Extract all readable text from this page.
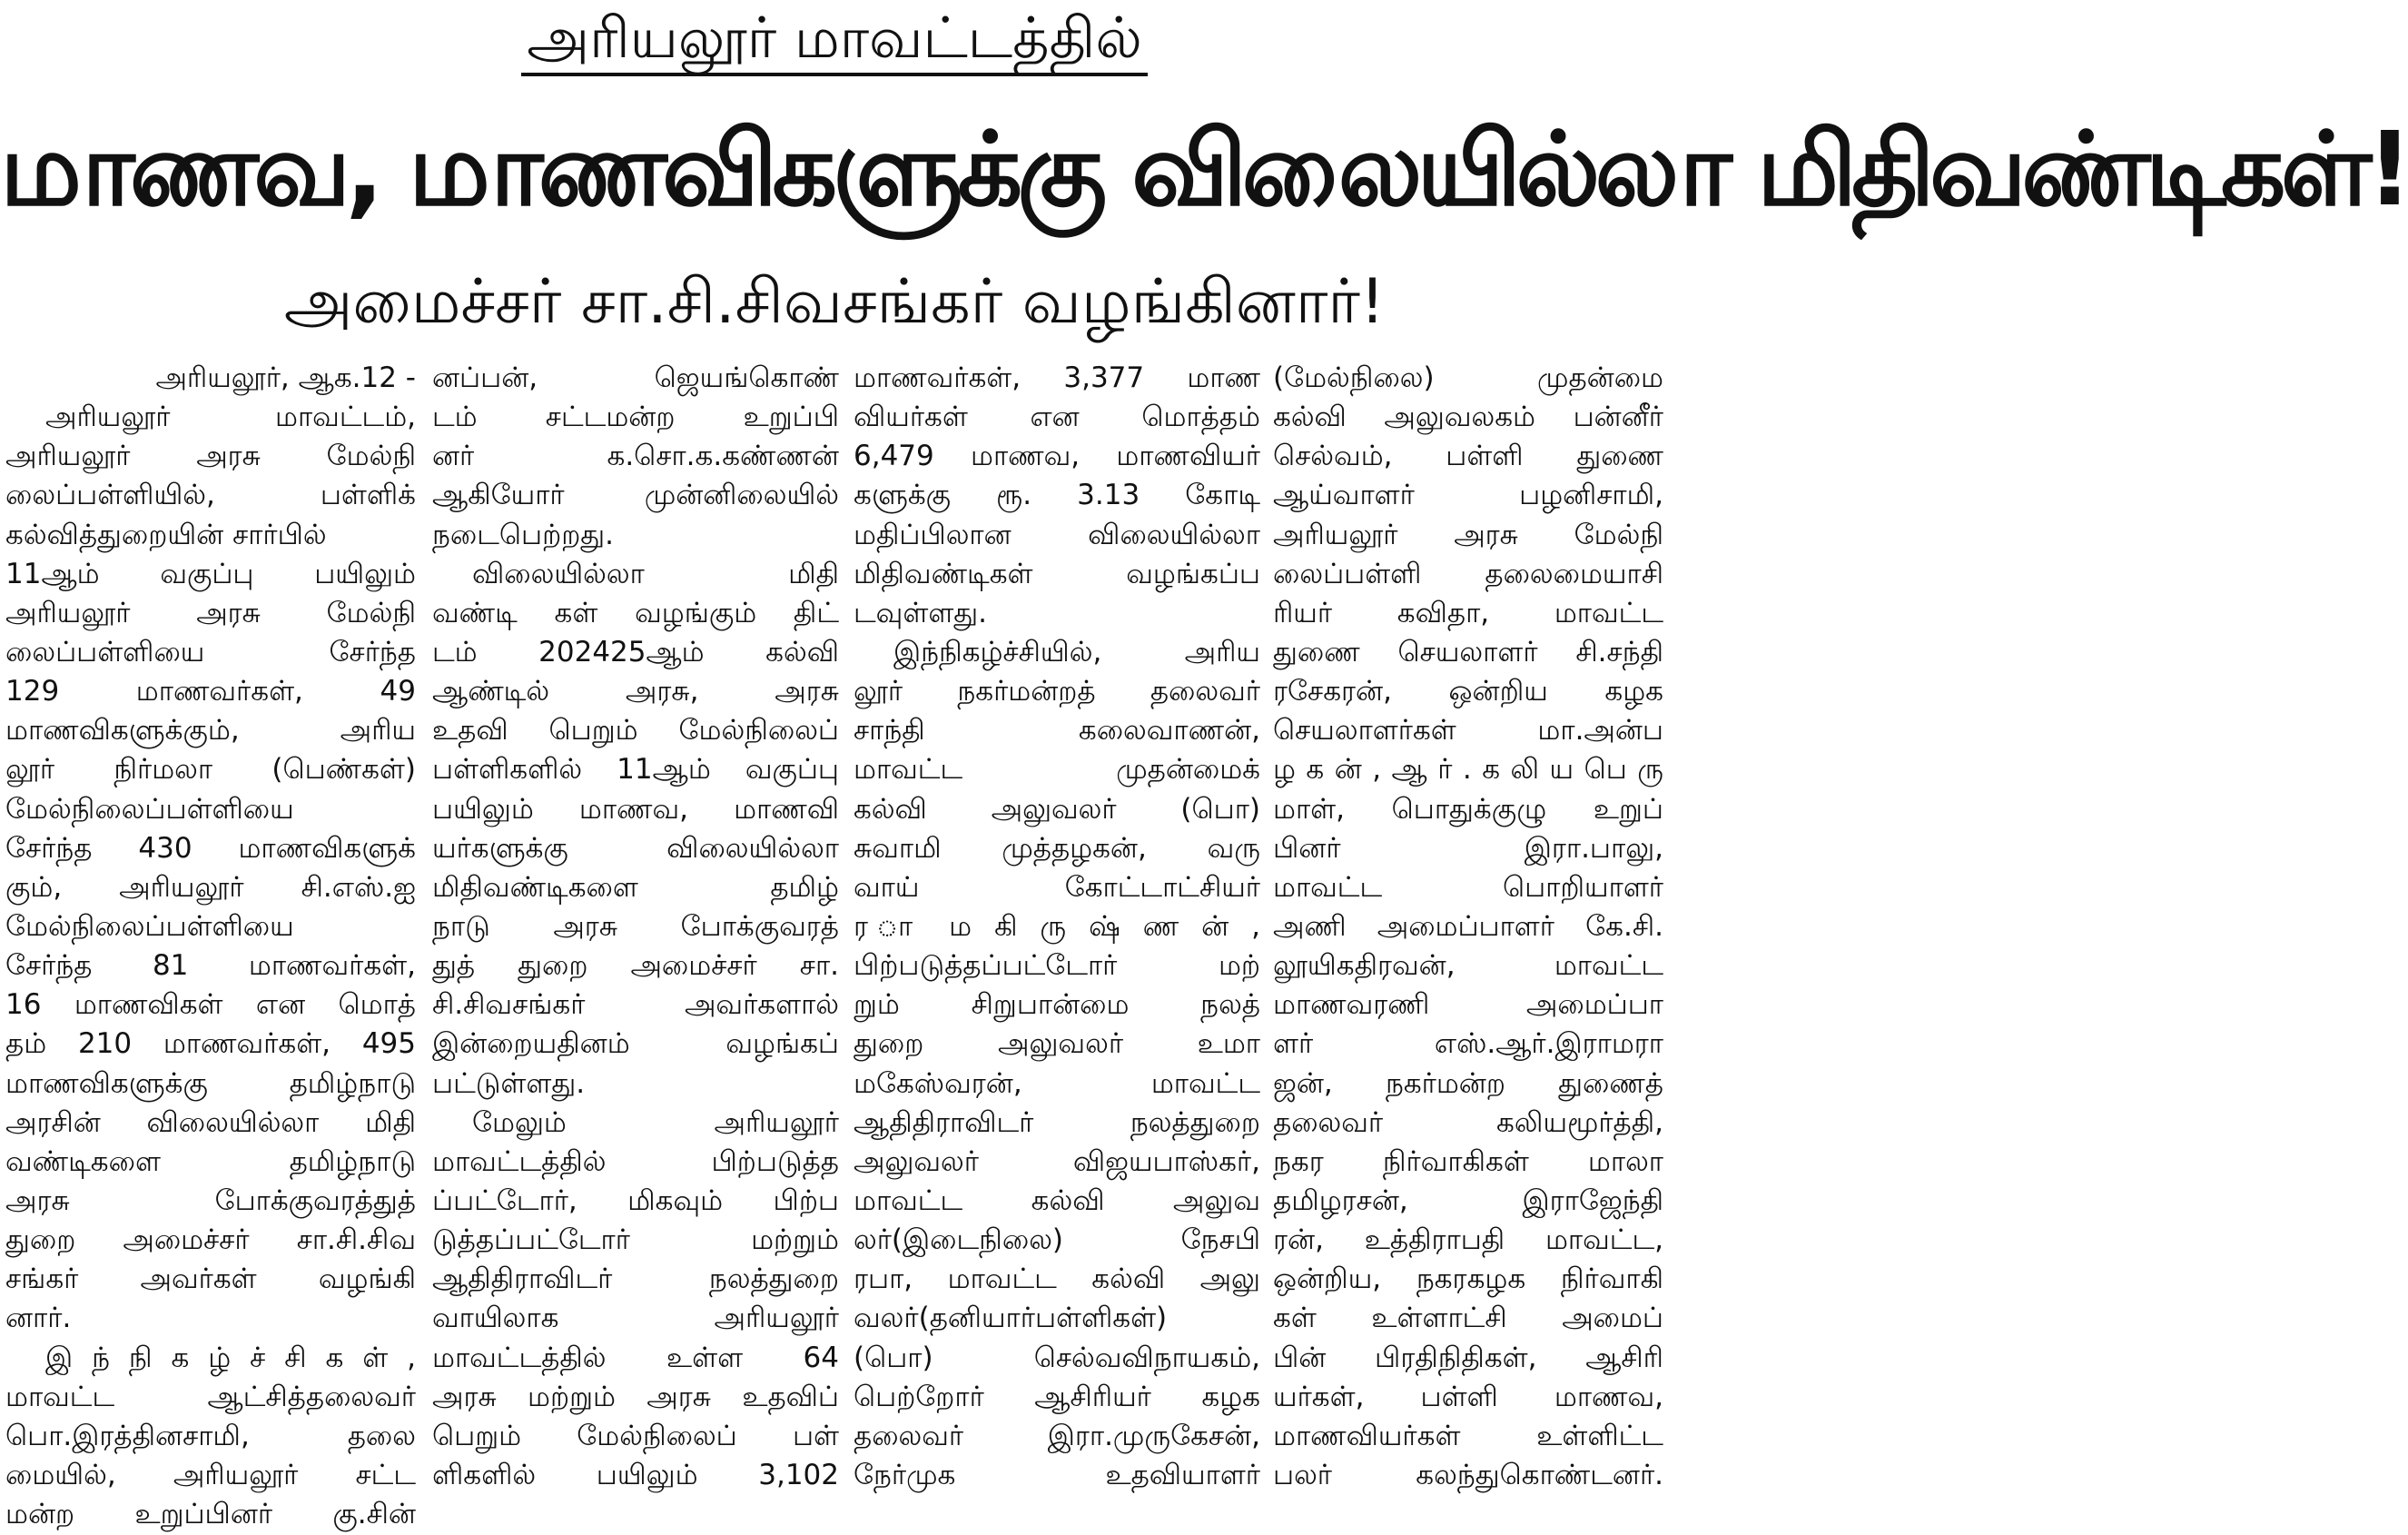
அரியலூர் மாவட்டத்தில்
மாணவ, மாணவிகளுக்கு விலையில்லா மிதிவண்டிகள்!
அமைச்சர் சா.சி.சிவசங்கர் வழங்கினார்!
அரியலூர், ஆக.12 -
அரியலூர் மாவட்டம்,
அரியலூர் அரசு மேல்நி
லைப்பள்ளியில், பள்ளிக்
கல்வித்துறையின் சார்பில்
11ஆம் வகுப்பு பயிலும்
அரியலூர் அரசு மேல்நி
லைப்பள்ளியை சேர்ந்த
129 மாணவர்கள், 49
மாணவிகளுக்கும், அரிய
லூர் நிர்மலா (பெண்கள்)
மேல்நிலைப்பள்ளியை
சேர்ந்த 430 மாணவிகளுக்
கும், அரியலூர் சி.எஸ்.ஐ
மேல்நிலைப்பள்ளியை
சேர்ந்த 81 மாணவர்கள்,
16 மாணவிகள் என மொத்
தம் 210 மாணவர்கள், 495
மாணவிகளுக்கு தமிழ்நாடு
அரசின் விலையில்லா மிதி
வண்டிகளை தமிழ்நாடு
அரசு போக்குவரத்துத்
துறை அமைச்சர் சா.சி.சிவ
சங்கர் அவர்கள் வழங்கி
னார்.
இ ந் நி க ழ் ச் சி க ள் ,
மாவட்ட ஆட்சித்தலைவர்
பொ.இரத்தினசாமி, தலை
மையில், அரியலூர் சட்ட
மன்ற உறுப்பினர் கு.சின்
னப்பன், ஜெயங்கொண்
டம் சட்டமன்ற உறுப்பி
னர் க.சொ.க.கண்ணன்
ஆகியோர் முன்னிலையில்
நடைபெற்றது.
விலையில்லா மிதி
வண்டி கள் வழங்கும் திட்
டம் 202425ஆம் கல்வி
ஆண்டில் அரசு, அரசு
உதவி பெறும் மேல்நிலைப்
பள்ளிகளில் 11ஆம் வகுப்பு
பயிலும் மாணவ, மாணவி
யர்களுக்கு விலையில்லா
மிதிவண்டிகளை தமிழ்
நாடு அரசு போக்குவரத்
துத் துறை அமைச்சர் சா.
சி.சிவசங்கர் அவர்களால்
இன்றையதினம் வழங்கப்
பட்டுள்ளது.
மேலும் அரியலூர்
மாவட்டத்தில் பிற்படுத்த
ப்பட்டோர், மிகவும் பிற்ப
டுத்தப்பட்டோர் மற்றும்
ஆதிதிராவிடர் நலத்துறை
வாயிலாக அரியலூர்
மாவட்டத்தில் உள்ள 64
அரசு மற்றும் அரசு உதவிப்
பெறும் மேல்நிலைப் பள்
ளிகளில் பயிலும் 3,102
மாணவர்கள், 3,377 மாண
வியர்கள் என மொத்தம்
6,479 மாணவ, மாணவியர்
களுக்கு ரூ. 3.13 கோடி
மதிப்பிலான விலையில்லா
மிதிவண்டிகள் வழங்கப்ப
டவுள்ளது.
இந்நிகழ்ச்சியில், அரிய
லூர் நகர்மன்றத் தலைவர்
சாந்தி கலைவாணன்,
மாவட்ட முதன்மைக்
கல்வி அலுவலர் (பொ)
சுவாமி முத்தழகன், வரு
வாய் கோட்டாட்சியர்
ர ா ம கி ரு ஷ் ண ன் ,
பிற்படுத்தப்பட்டோர் மற்
றும் சிறுபான்மை நலத்
துறை அலுவலர் உமா
மகேஸ்வரன், மாவட்ட
ஆதிதிராவிடர் நலத்துறை
அலுவலர் விஜயபாஸ்கர்,
மாவட்ட கல்வி அலுவ
லர்(இடைநிலை) நேசபி
ரபா, மாவட்ட கல்வி அலு
வலர்(தனியார்பள்ளிகள்)
(பொ) செல்வவிநாயகம்,
பெற்றோர் ஆசிரியர் கழக
தலைவர் இரா.முருகேசன்,
நேர்முக உதவியாளர்
(மேல்நிலை) முதன்மை
கல்வி அலுவலகம் பன்னீர்
செல்வம், பள்ளி துணை
ஆய்வாளர் பழனிசாமி,
அரியலூர் அரசு மேல்நி
லைப்பள்ளி தலைமையாசி
ரியர் கவிதா, மாவட்ட
துணை செயலாளர் சி.சந்தி
ரசேகரன், ஒன்றிய கழக
செயலாளர்கள் மா.அன்ப
ழ க ன் , ஆ ர் . க லி ய பெ ரு
மாள், பொதுக்குழு உறுப்
பினர் இரா.பாலு,
மாவட்ட பொறியாளர்
அணி அமைப்பாளர் கே.சி.
லூயிகதிரவன், மாவட்ட
மாணவரணி அமைப்பா
ளர் எஸ்.ஆர்.இராமரா
ஜன், நகர்மன்ற துணைத்
தலைவர் கலியமூர்த்தி,
நகர நிர்வாகிகள் மாலா
தமிழரசன், இராஜேந்தி
ரன், உத்திராபதி மாவட்ட,
ஒன்றிய, நகரகழக நிர்வாகி
கள் உள்ளாட்சி அமைப்
பின் பிரதிநிதிகள், ஆசிரி
யர்கள், பள்ளி மாணவ,
மாணவியர்கள் உள்ளிட்ட
பலர் கலந்துகொண்டனர்.
